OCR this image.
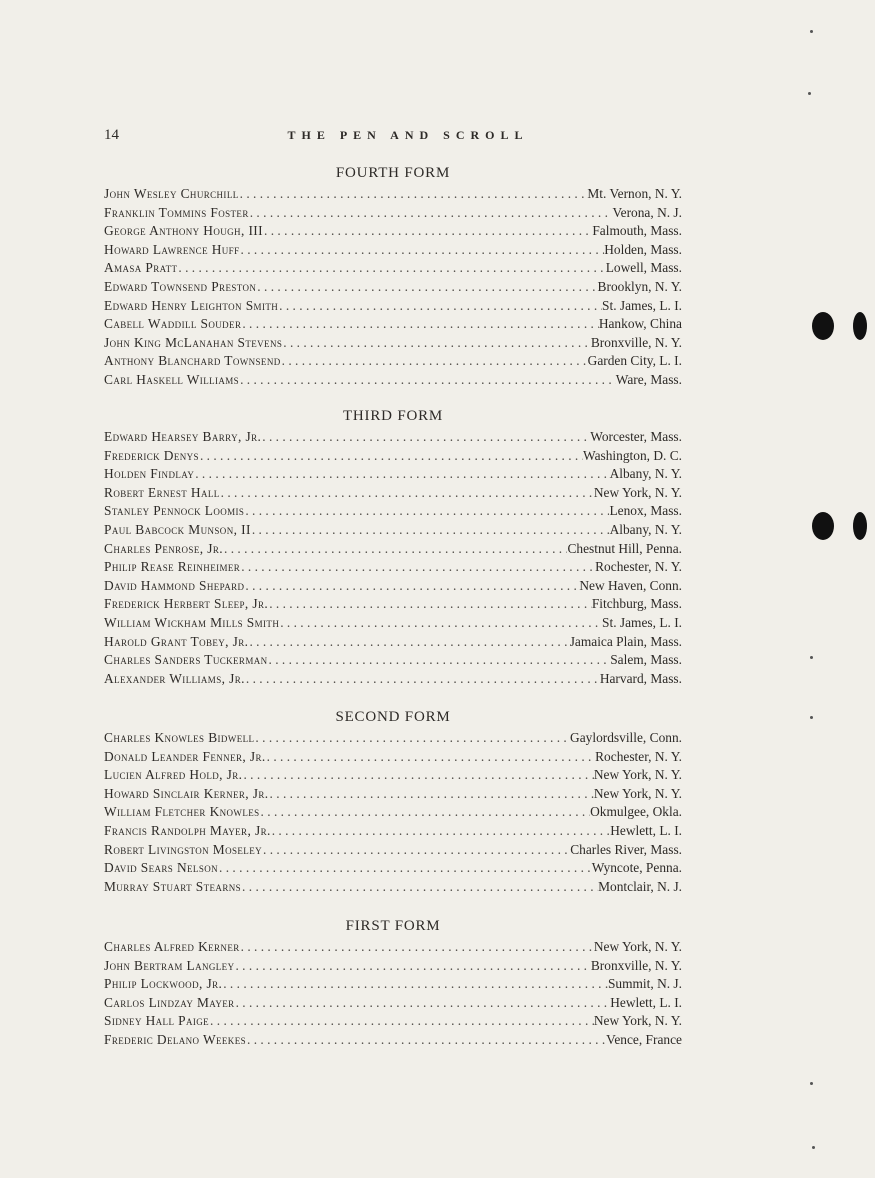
14	THE PEN AND SCROLL
FOURTH FORM
John Wesley Churchill . . .	Mt. Vernon, N. Y.
Franklin Tommins Foster . . .	Verona, N. J.
George Anthony Hough, III . . .	Falmouth, Mass.
Howard Lawrence Huff . . .	Holden, Mass.
Amasa Pratt . . .	Lowell, Mass.
Edward Townsend Preston . . .	Brooklyn, N. Y.
Edward Henry Leighton Smith . . .	St. James, L. I.
Cabell Waddill Souder . . .	Hankow, China
John King McLanahan Stevens . . .	Bronxville, N. Y.
Anthony Blanchard Townsend . . .	Garden City, L. I.
Carl Haskell Williams . . .	Ware, Mass.
THIRD FORM
Edward Hearsey Barry, Jr. . . .	Worcester, Mass.
Frederick Denys . . .	Washington, D. C.
Holden Findlay . . .	Albany, N. Y.
Robert Ernest Hall . . .	New York, N. Y.
Stanley Pennock Loomis . . .	Lenox, Mass.
Paul Babcock Munson, II . . .	Albany, N. Y.
Charles Penrose, Jr. . . .	Chestnut Hill, Penna.
Philip Rease Reinheimer . . .	Rochester, N. Y.
David Hammond Shepard . . .	New Haven, Conn.
Frederick Herbert Sleep, Jr. . . .	Fitchburg, Mass.
William Wickham Mills Smith . . .	St. James, L. I.
Harold Grant Tobey, Jr. . . .	Jamaica Plain, Mass.
Charles Sanders Tuckerman . . .	Salem, Mass.
Alexander Williams, Jr. . . .	Harvard, Mass.
SECOND FORM
Charles Knowles Bidwell . . .	Gaylordsville, Conn.
Donald Leander Fenner, Jr. . . .	Rochester, N. Y.
Lucien Alfred Hold, Jr. . . .	New York, N. Y.
Howard Sinclair Kerner, Jr. . . .	New York, N. Y.
William Fletcher Knowles . . .	Okmulgee, Okla.
Francis Randolph Mayer, Jr. . . .	Hewlett, L. I.
Robert Livingston Moseley . . .	Charles River, Mass.
David Sears Nelson . . .	Wyncote, Penna.
Murray Stuart Stearns . . .	Montclair, N. J.
FIRST FORM
Charles Alfred Kerner . . .	New York, N. Y.
John Bertram Langley . . .	Bronxville, N. Y.
Philip Lockwood, Jr. . . .	Summit, N. J.
Carlos Lindzay Mayer . . .	Hewlett, L. I.
Sidney Hall Paige . . .	New York, N. Y.
Frederic Delano Weekes . . .	Vence, France
